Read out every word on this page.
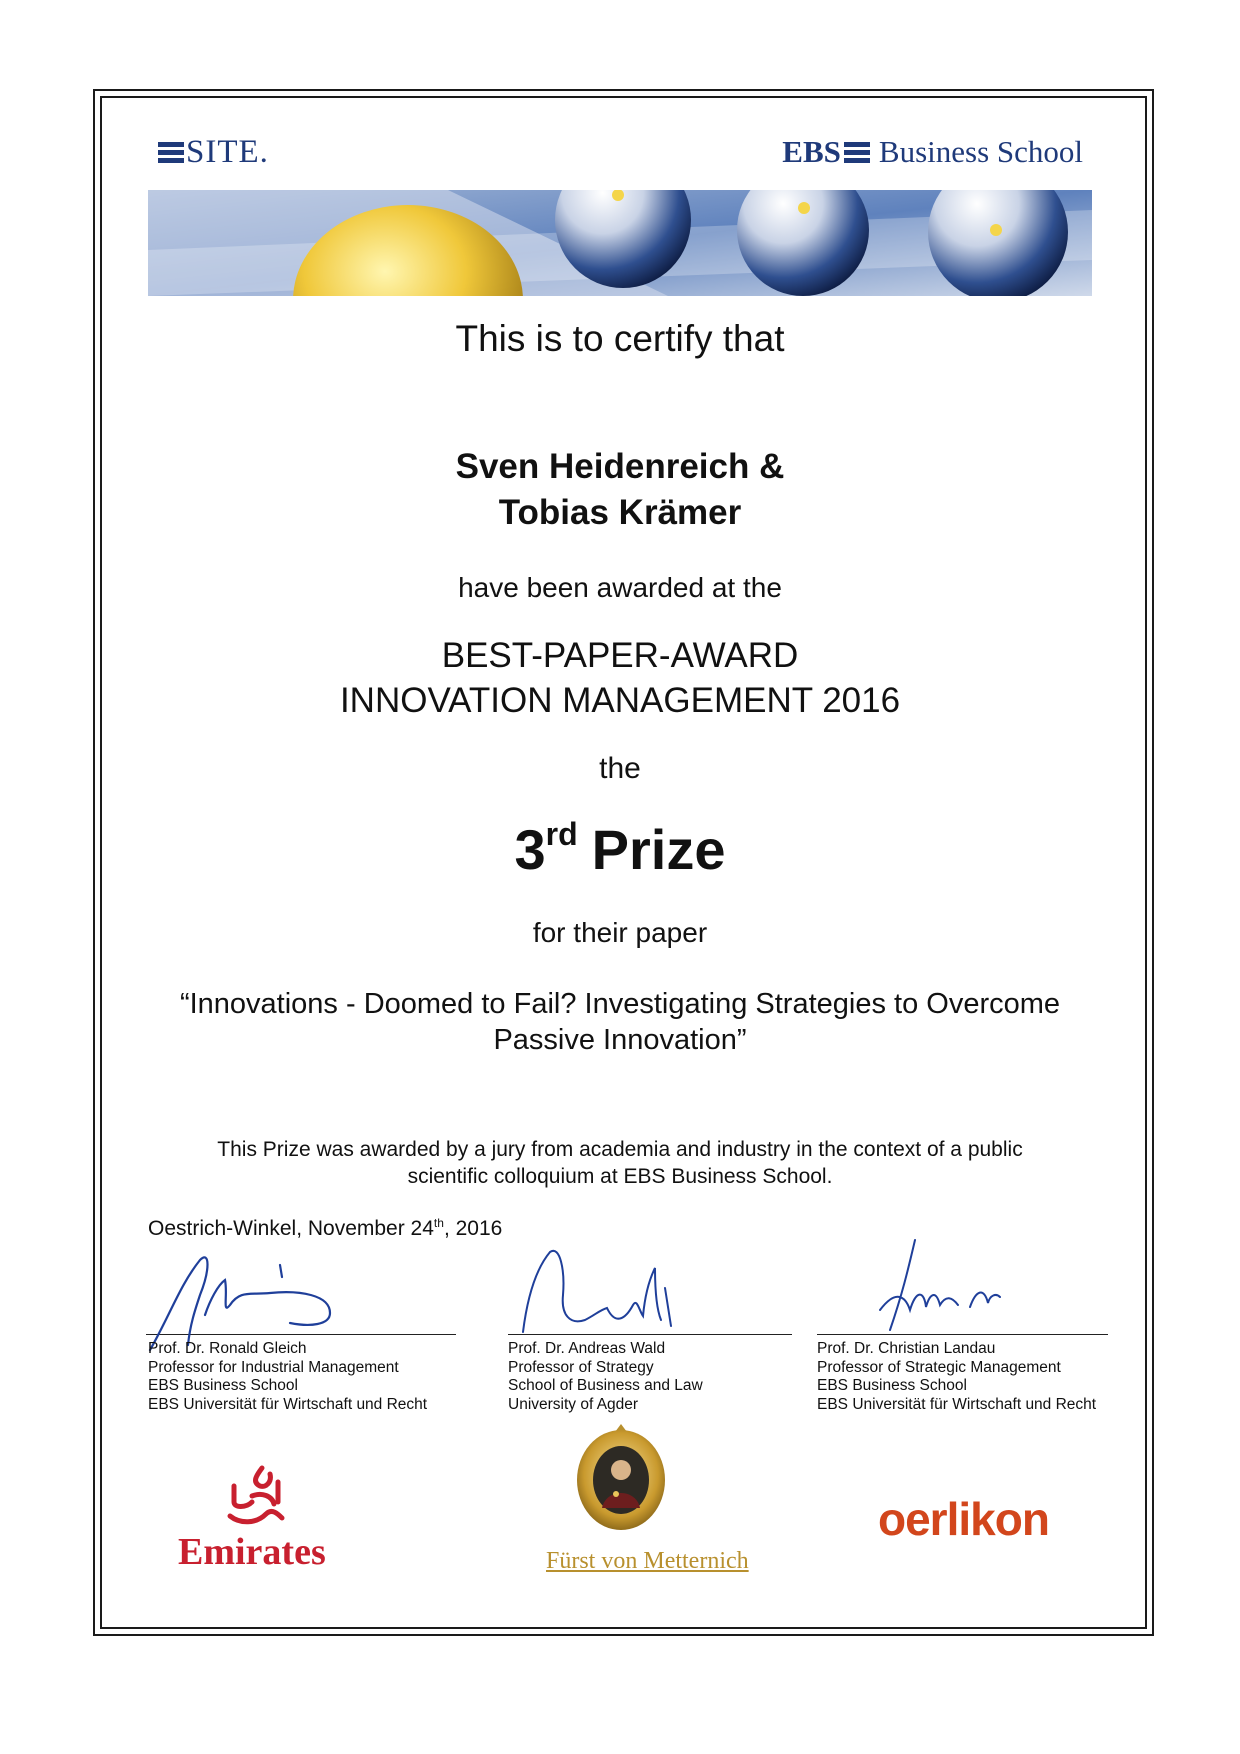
SITE.	EBS Business School
This is to certify that
Sven Heidenreich &
Tobias Krämer
have been awarded at the
BEST-PAPER-AWARD
INNOVATION MANAGEMENT 2016
the
3rd Prize
for their paper
“Innovations - Doomed to Fail? Investigating Strategies to Overcome
Passive Innovation”
This Prize was awarded by a jury from academia and industry in the context of a public
scientific colloquium at EBS Business School.
Oestrich-Winkel, November 24th, 2016
Prof. Dr. Ronald Gleich
Professor for Industrial Management
EBS Business School
EBS Universität für Wirtschaft und Recht
Prof. Dr. Andreas Wald
Professor of Strategy
School of Business and Law
University of Agder
Prof. Dr. Christian Landau
Professor of Strategic Management
EBS Business School
EBS Universität für Wirtschaft und Recht
Emirates	Fürst von Metternich
oerlikon
